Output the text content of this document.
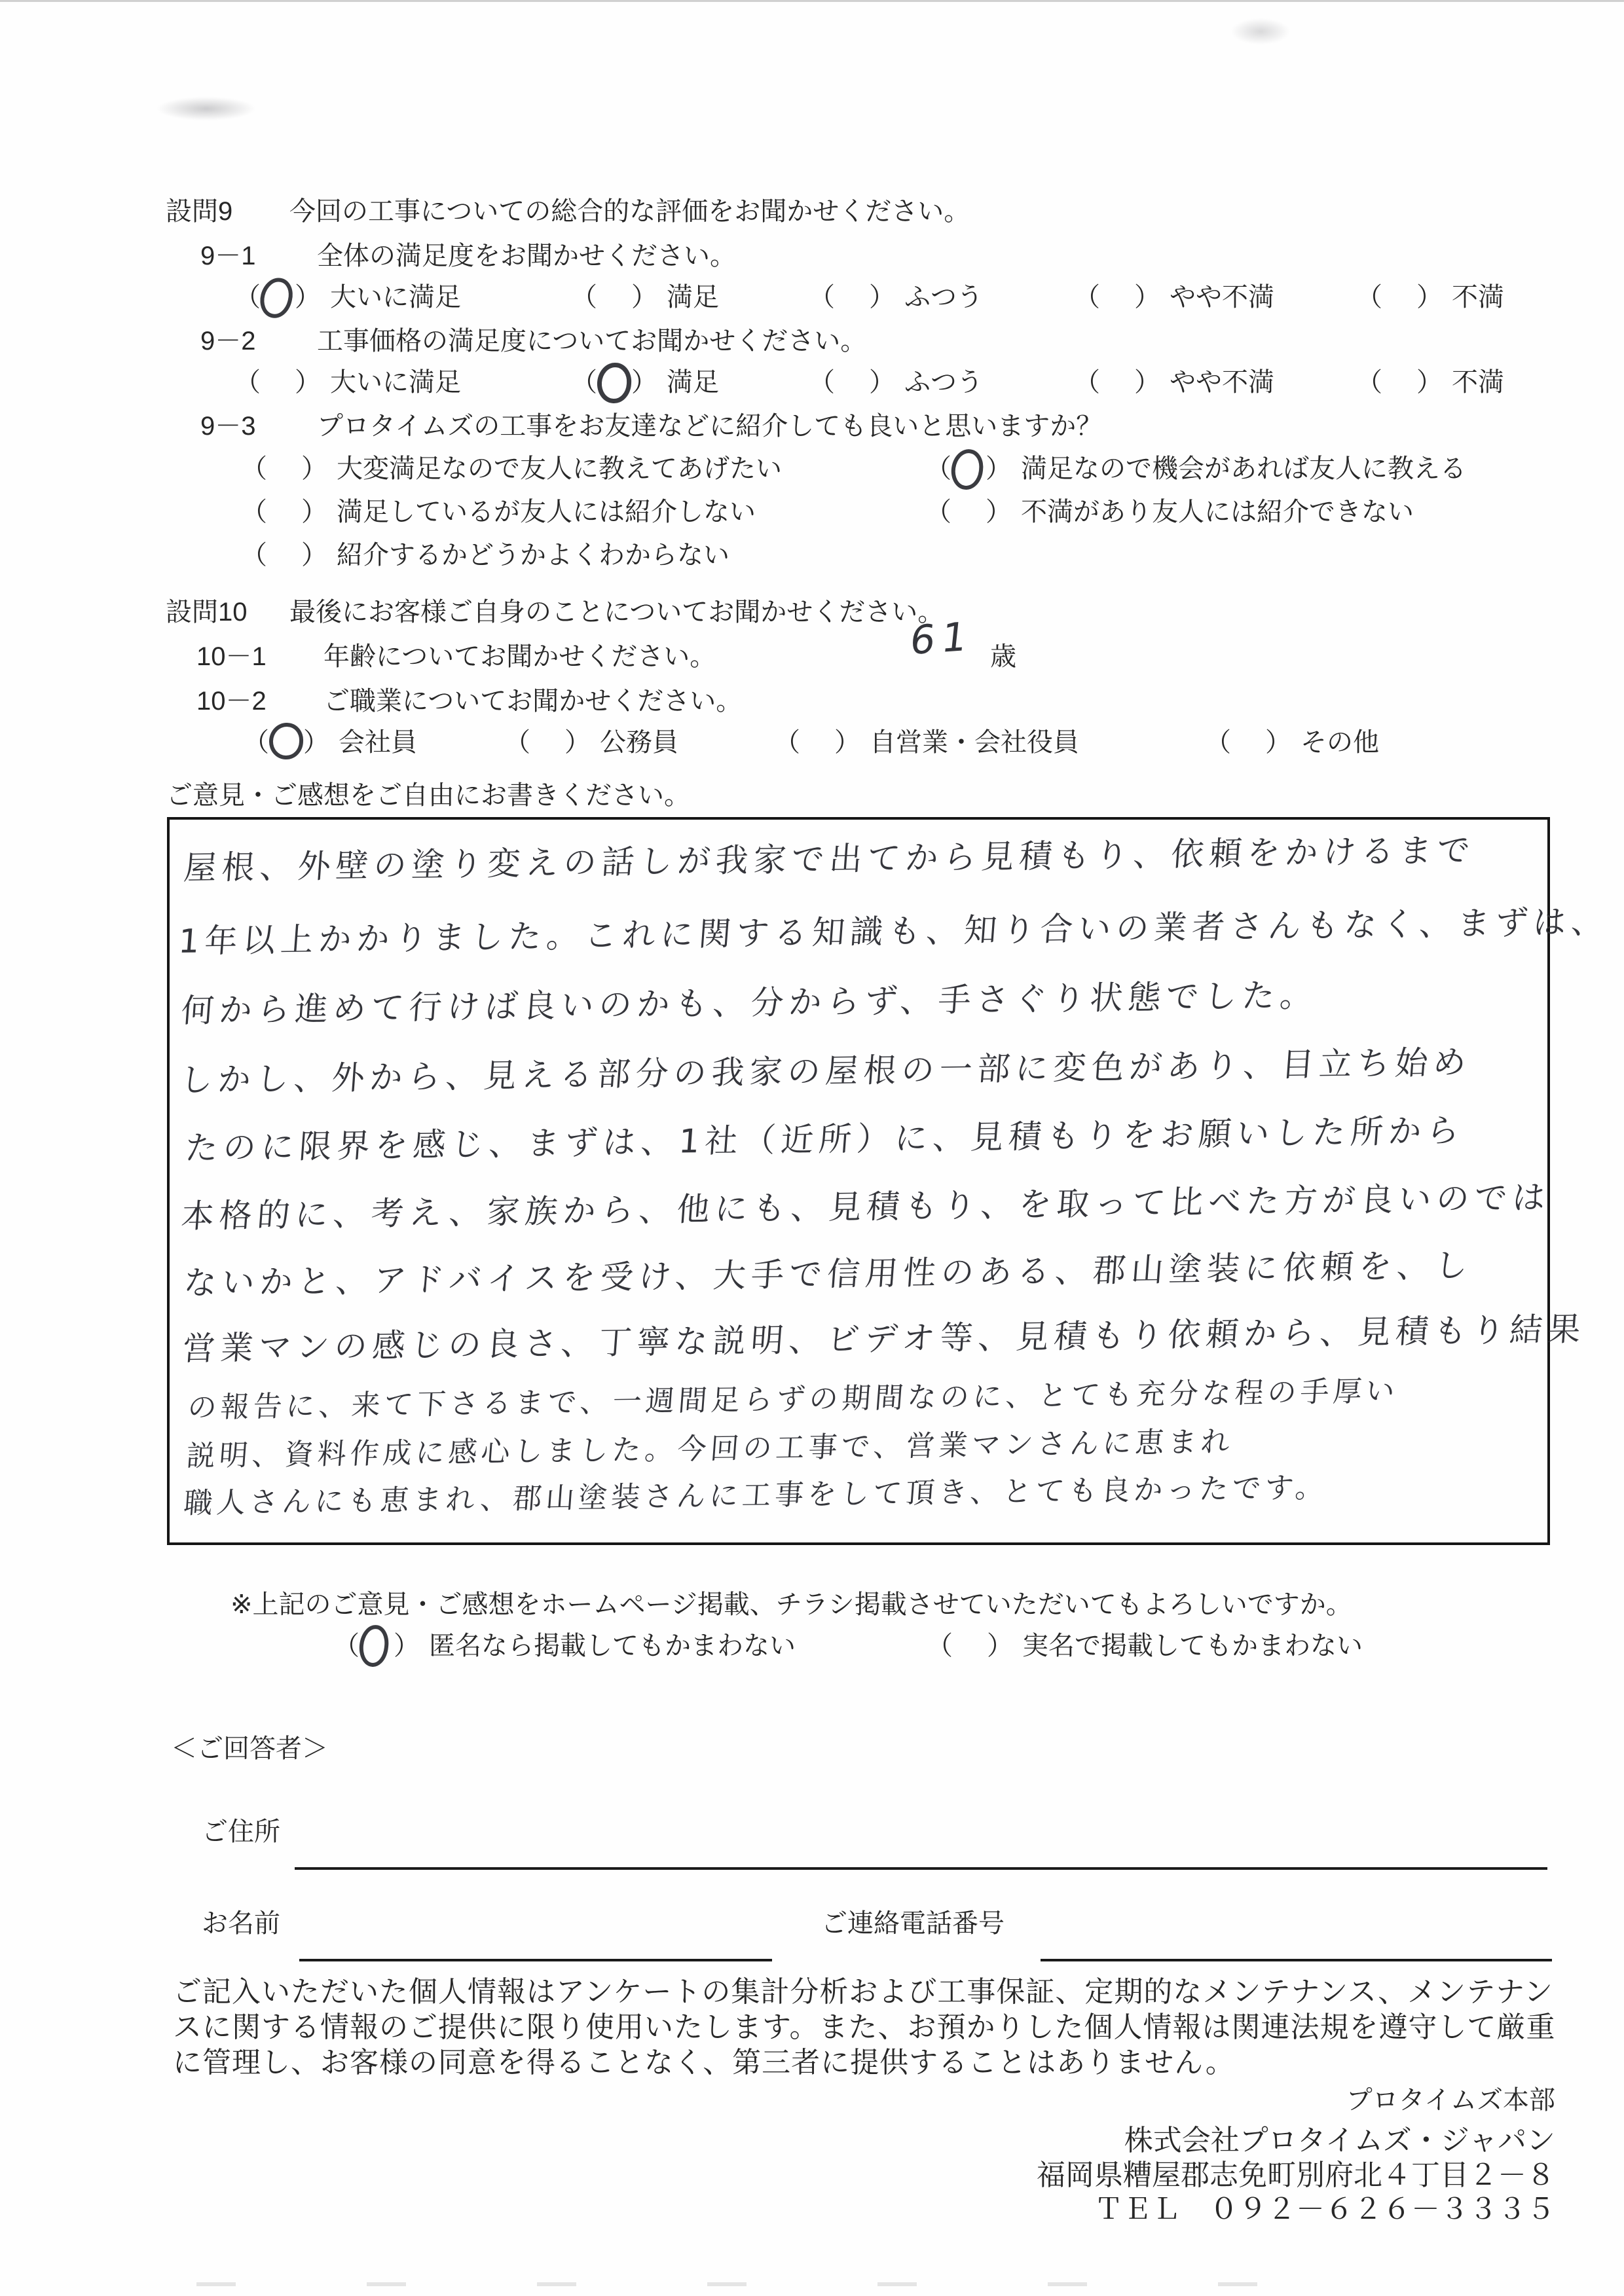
設問9 今回の工事についての総合的な評価をお聞かせください。
9－1 全体の満足度をお聞かせください。
（ ） 大いに満足	（ ） 満足	（ ） ふつう	（ ） やや不満	（ ） 不満
9－2 工事価格の満足度についてお聞かせください。
（ ） 大いに満足	（ ） 満足	（ ） ふつう	（ ） やや不満	（ ） 不満
9－3 プロタイムズの工事をお友達などに紹介しても良いと思いますか？
（ ） 大変満足なので友人に教えてあげたい	（ ） 満足なので機会があれば友人に教える
（ ） 満足しているが友人には紹介しない	（ ） 不満があり友人には紹介できない
（ ） 紹介するかどうかよくわからない
設問10 最後にお客様ご自身のことについてお聞かせください。
10－1 年齢についてお聞かせください。	61 歳
10－2 ご職業についてお聞かせください。
（ ） 会社員	（ ） 公務員	（ ） 自営業・会社役員	（ ） その他
ご意見・ご感想をご自由にお書きください。
屋根、外壁の塗り変えの話しが我家で出てから見積もり、依頼をかけるまで
1年以上かかりました。これに関する知識も、知り合いの業者さんもなく、まずは、
何から進めて行けば良いのかも、分からず、手さぐり状態でした。
しかし、外から、見える部分の我家の屋根の一部に変色があり、目立ち始め
たのに限界を感じ、まずは、1社（近所）に、見積もりをお願いした所から
本格的に、考え、家族から、他にも、見積もり、を取って比べた方が良いのでは
ないかと、アドバイスを受け、大手で信用性のある、郡山塗装に依頼を、し
営業マンの感じの良さ、丁寧な説明、ビデオ等、見積もり依頼から、見積もり結果
の報告に、来て下さるまで、一週間足らずの期間なのに、とても充分な程の手厚い
説明、資料作成に感心しました。今回の工事で、営業マンさんに恵まれ
職人さんにも恵まれ、郡山塗装さんに工事をして頂き、とても良かったです。
※上記のご意見・ご感想をホームページ掲載、チラシ掲載させていただいてもよろしいですか。
（ ） 匿名なら掲載してもかまわない	（ ） 実名で掲載してもかまわない
＜ご回答者＞
ご住所
お名前	ご連絡電話番号
ご記入いただいた個人情報はアンケートの集計分析および工事保証、定期的なメンテナンス、メンテナン
スに関する情報のご提供に限り使用いたします。また、お預かりした個人情報は関連法規を遵守して厳重
に管理し、お客様の同意を得ることなく、第三者に提供することはありません。
プロタイムズ本部
株式会社プロタイムズ・ジャパン
福岡県糟屋郡志免町別府北４丁目２－８
ＴＥＬ　０９２－６２６－３３３５
